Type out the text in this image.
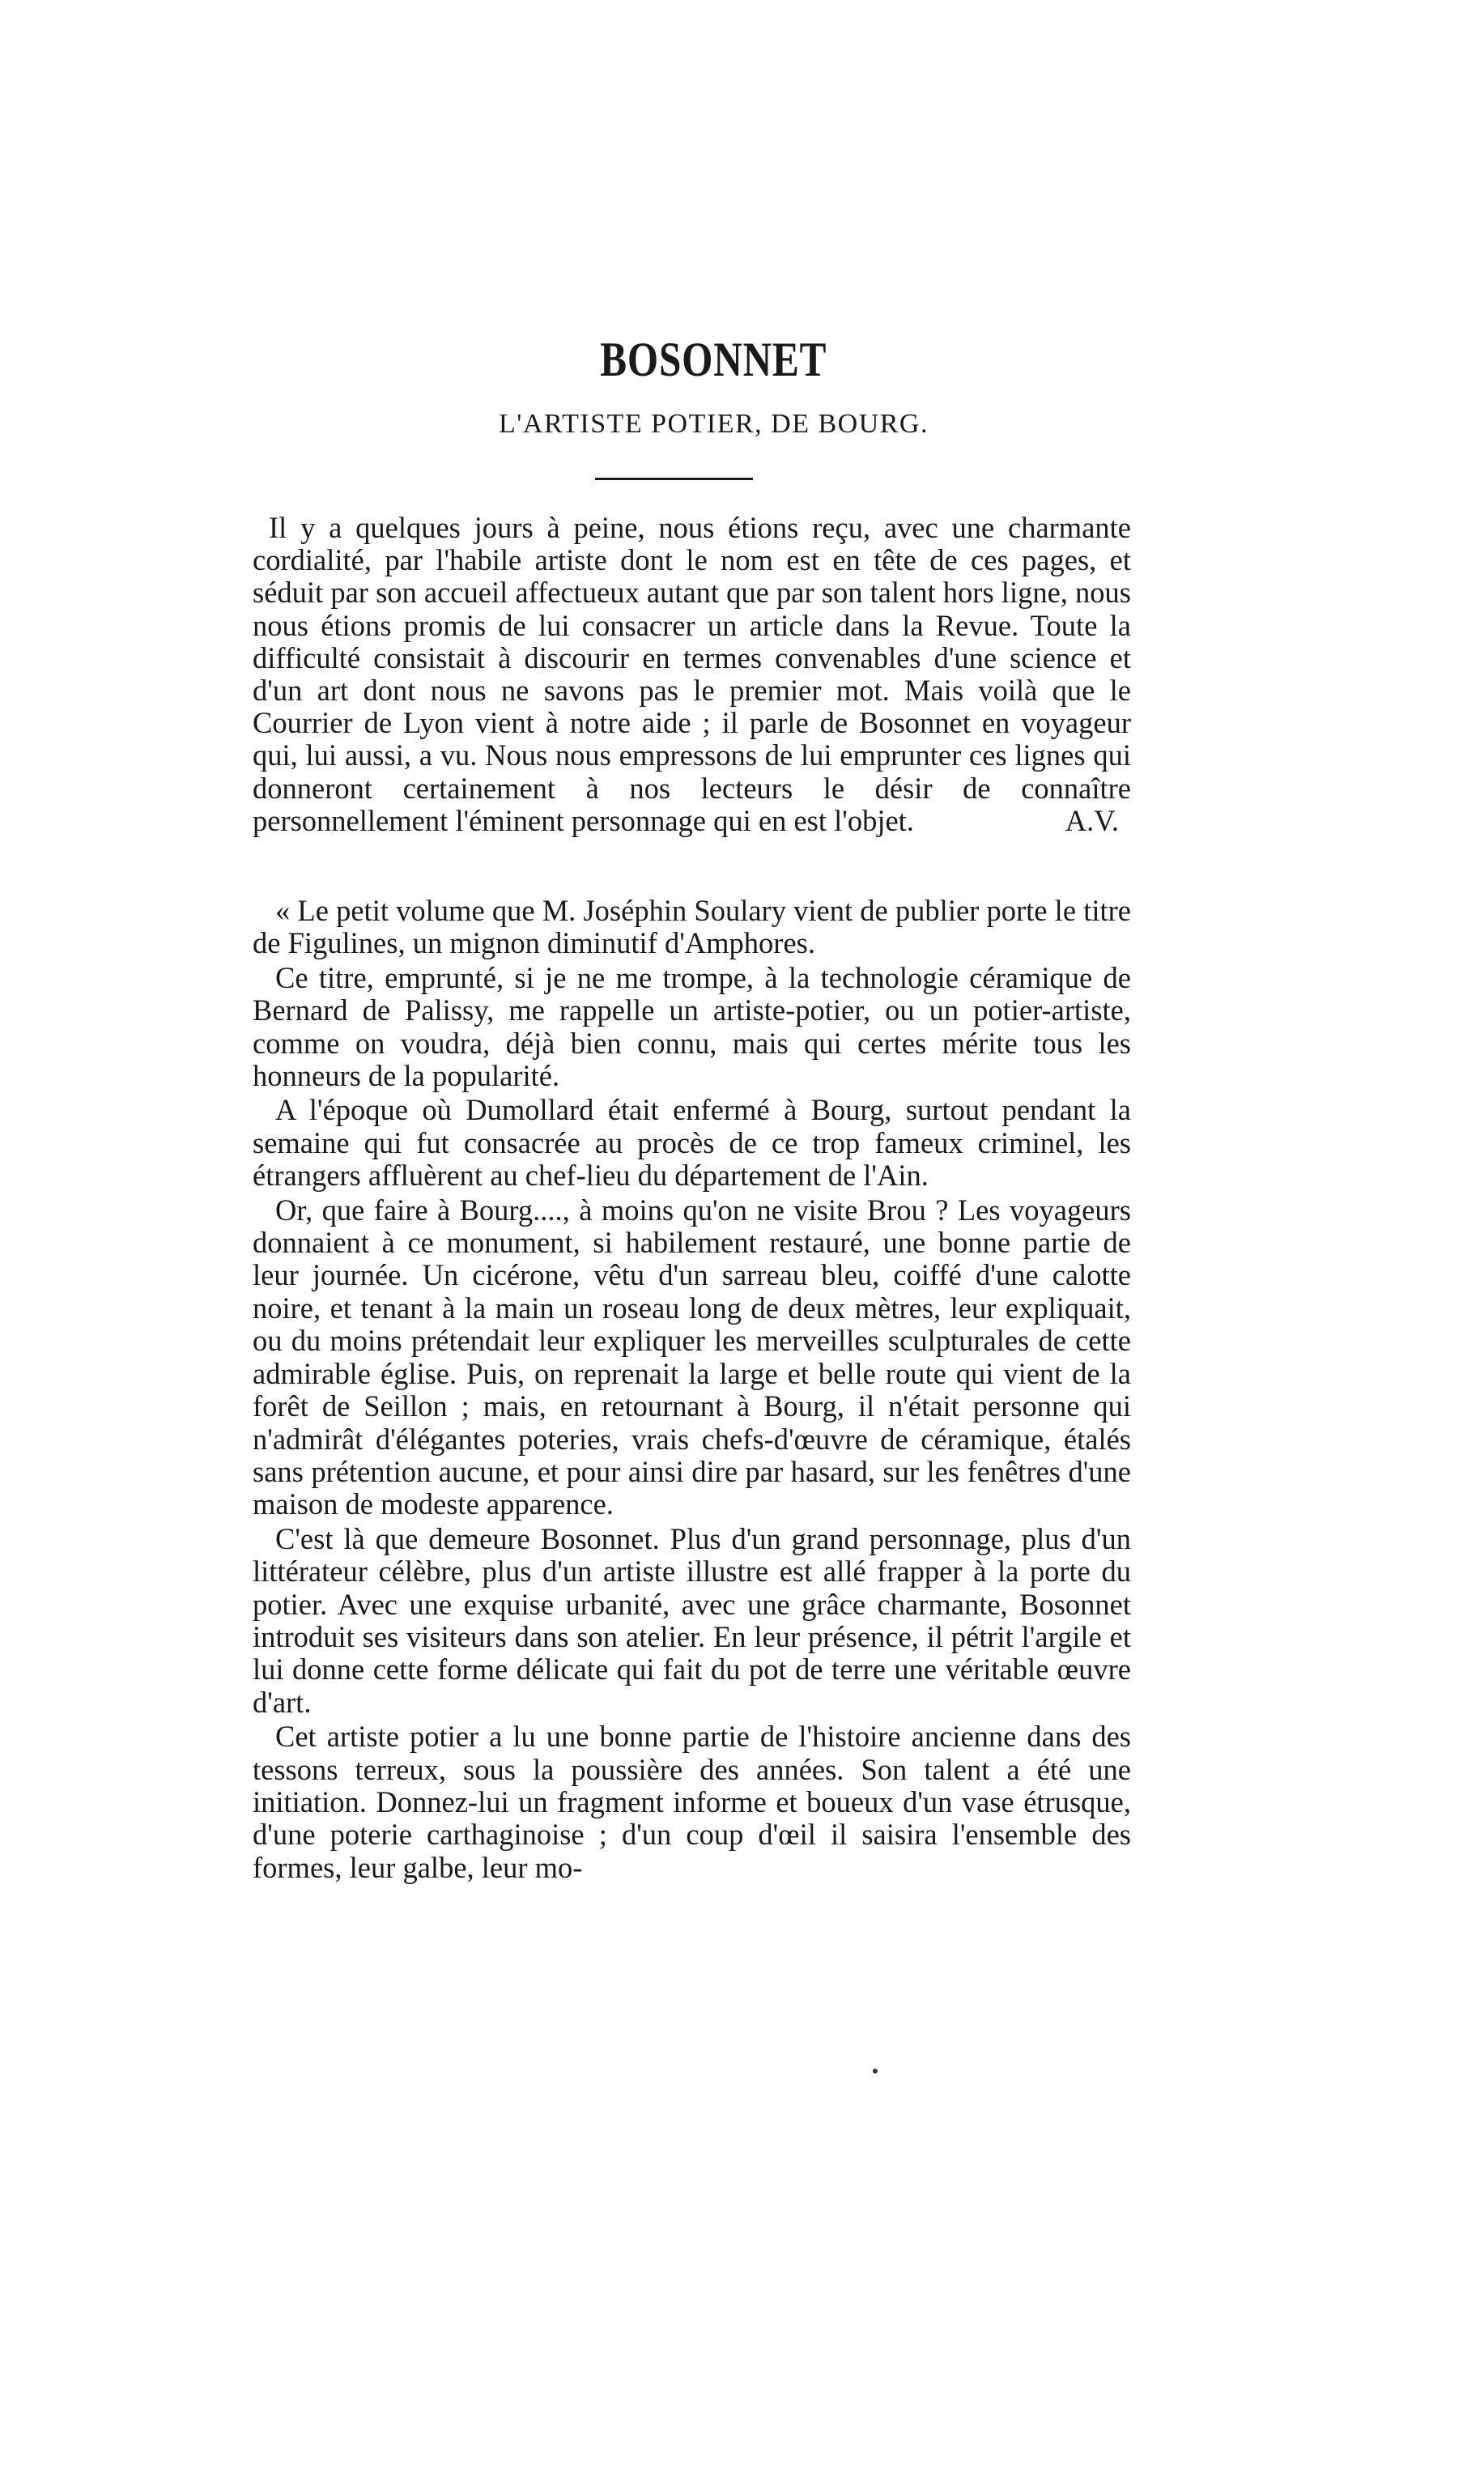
BOSONNET
L'ARTISTE POTIER, DE BOURG.
Il y a quelques jours à peine, nous étions reçu, avec une charmante cordialité, par l'habile artiste dont le nom est en tête de ces pages, et séduit par son accueil affectueux autant que par son talent hors ligne, nous nous étions promis de lui consacrer un article dans la Revue. Toute la difficulté consistait à discourir en termes convenables d'une science et d'un art dont nous ne savons pas le premier mot. Mais voilà que le Courrier de Lyon vient à notre aide ; il parle de Bosonnet en voyageur qui, lui aussi, a vu. Nous nous empressons de lui emprunter ces lignes qui donneront certainement à nos lecteurs le désir de connaître personnellement l'éminent personnage qui en est l'objet.	A.V.

« Le petit volume que M. Joséphin Soulary vient de publier porte le titre de Figulines, un mignon diminutif d'Amphores.

Ce titre, emprunté, si je ne me trompe, à la technologie céramique de Bernard de Palissy, me rappelle un artiste-potier, ou un potier-artiste, comme on voudra, déjà bien connu, mais qui certes mérite tous les honneurs de la popularité.

A l'époque où Dumollard était enfermé à Bourg, surtout pendant la semaine qui fut consacrée au procès de ce trop fameux criminel, les étrangers affluèrent au chef-lieu du département de l'Ain.

Or, que faire à Bourg...., à moins qu'on ne visite Brou ? Les voyageurs donnaient à ce monument, si habilement restauré, une bonne partie de leur journée. Un cicérone, vêtu d'un sarreau bleu, coiffé d'une calotte noire, et tenant à la main un roseau long de deux mètres, leur expliquait, ou du moins prétendait leur expliquer les merveilles sculpturales de cette admirable église. Puis, on reprenait la large et belle route qui vient de la forêt de Seillon ; mais, en retournant à Bourg, il n'était personne qui n'admirât d'élégantes poteries, vrais chefs-d'œuvre de céramique, étalés sans prétention aucune, et pour ainsi dire par hasard, sur les fenêtres d'une maison de modeste apparence.

C'est là que demeure Bosonnet. Plus d'un grand personnage, plus d'un littérateur célèbre, plus d'un artiste illustre est allé frapper à la porte du potier. Avec une exquise urbanité, avec une grâce charmante, Bosonnet introduit ses visiteurs dans son atelier. En leur présence, il pétrit l'argile et lui donne cette forme délicate qui fait du pot de terre une véritable œuvre d'art.

Cet artiste potier a lu une bonne partie de l'histoire ancienne dans des tessons terreux, sous la poussière des années. Son talent a été une initiation. Donnez-lui un fragment informe et boueux d'un vase étrusque, d'une poterie carthaginoise ; d'un coup d'œil il saisira l'ensemble des formes, leur galbe, leur mo-
